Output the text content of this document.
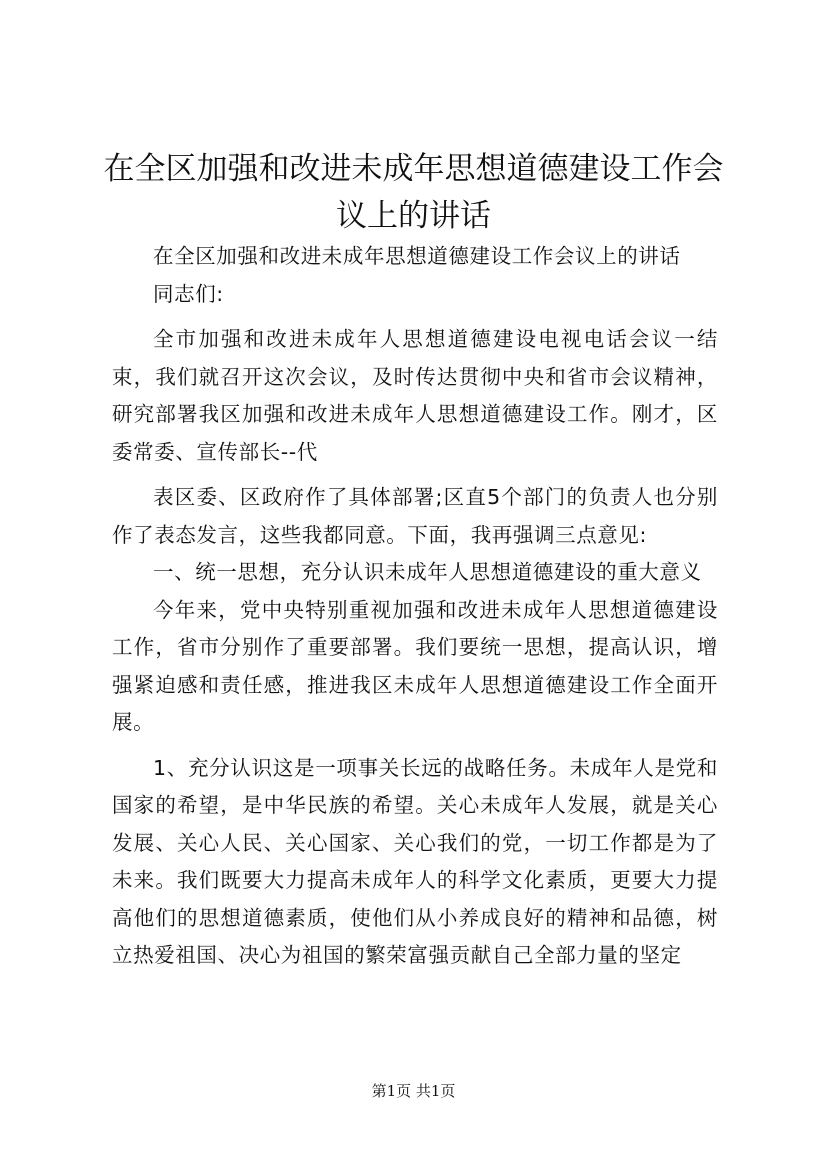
在全区加强和改进未成年思想道德建设工作会议上的讲话

在全区加强和改进未成年思想道德建设工作会议上的讲话

同志们:

全市加强和改进未成年人思想道德建设电视电话会议一结束，我们就召开这次会议，及时传达贯彻中央和省市会议精神，研究部署我区加强和改进未成年人思想道德建设工作。刚才，区委常委、宣传部长--代

表区委、区政府作了具体部署;区直5个部门的负责人也分别作了表态发言，这些我都同意。下面，我再强调三点意见:

一、统一思想，充分认识未成年人思想道德建设的重大意义

今年来，党中央特别重视加强和改进未成年人思想道德建设工作，省市分别作了重要部署。我们要统一思想，提高认识，增强紧迫感和责任感，推进我区未成年人思想道德建设工作全面开展。

1、充分认识这是一项事关长远的战略任务。未成年人是党和国家的希望，是中华民族的希望。关心未成年人发展，就是关心发展、关心人民、关心国家、关心我们的党，一切工作都是为了未来。我们既要大力提高未成年人的科学文化素质，更要大力提高他们的思想道德素质，使他们从小养成良好的精神和品德，树立热爱祖国、决心为祖国的繁荣富强贡献自己全部力量的坚定

第1页 共1页
